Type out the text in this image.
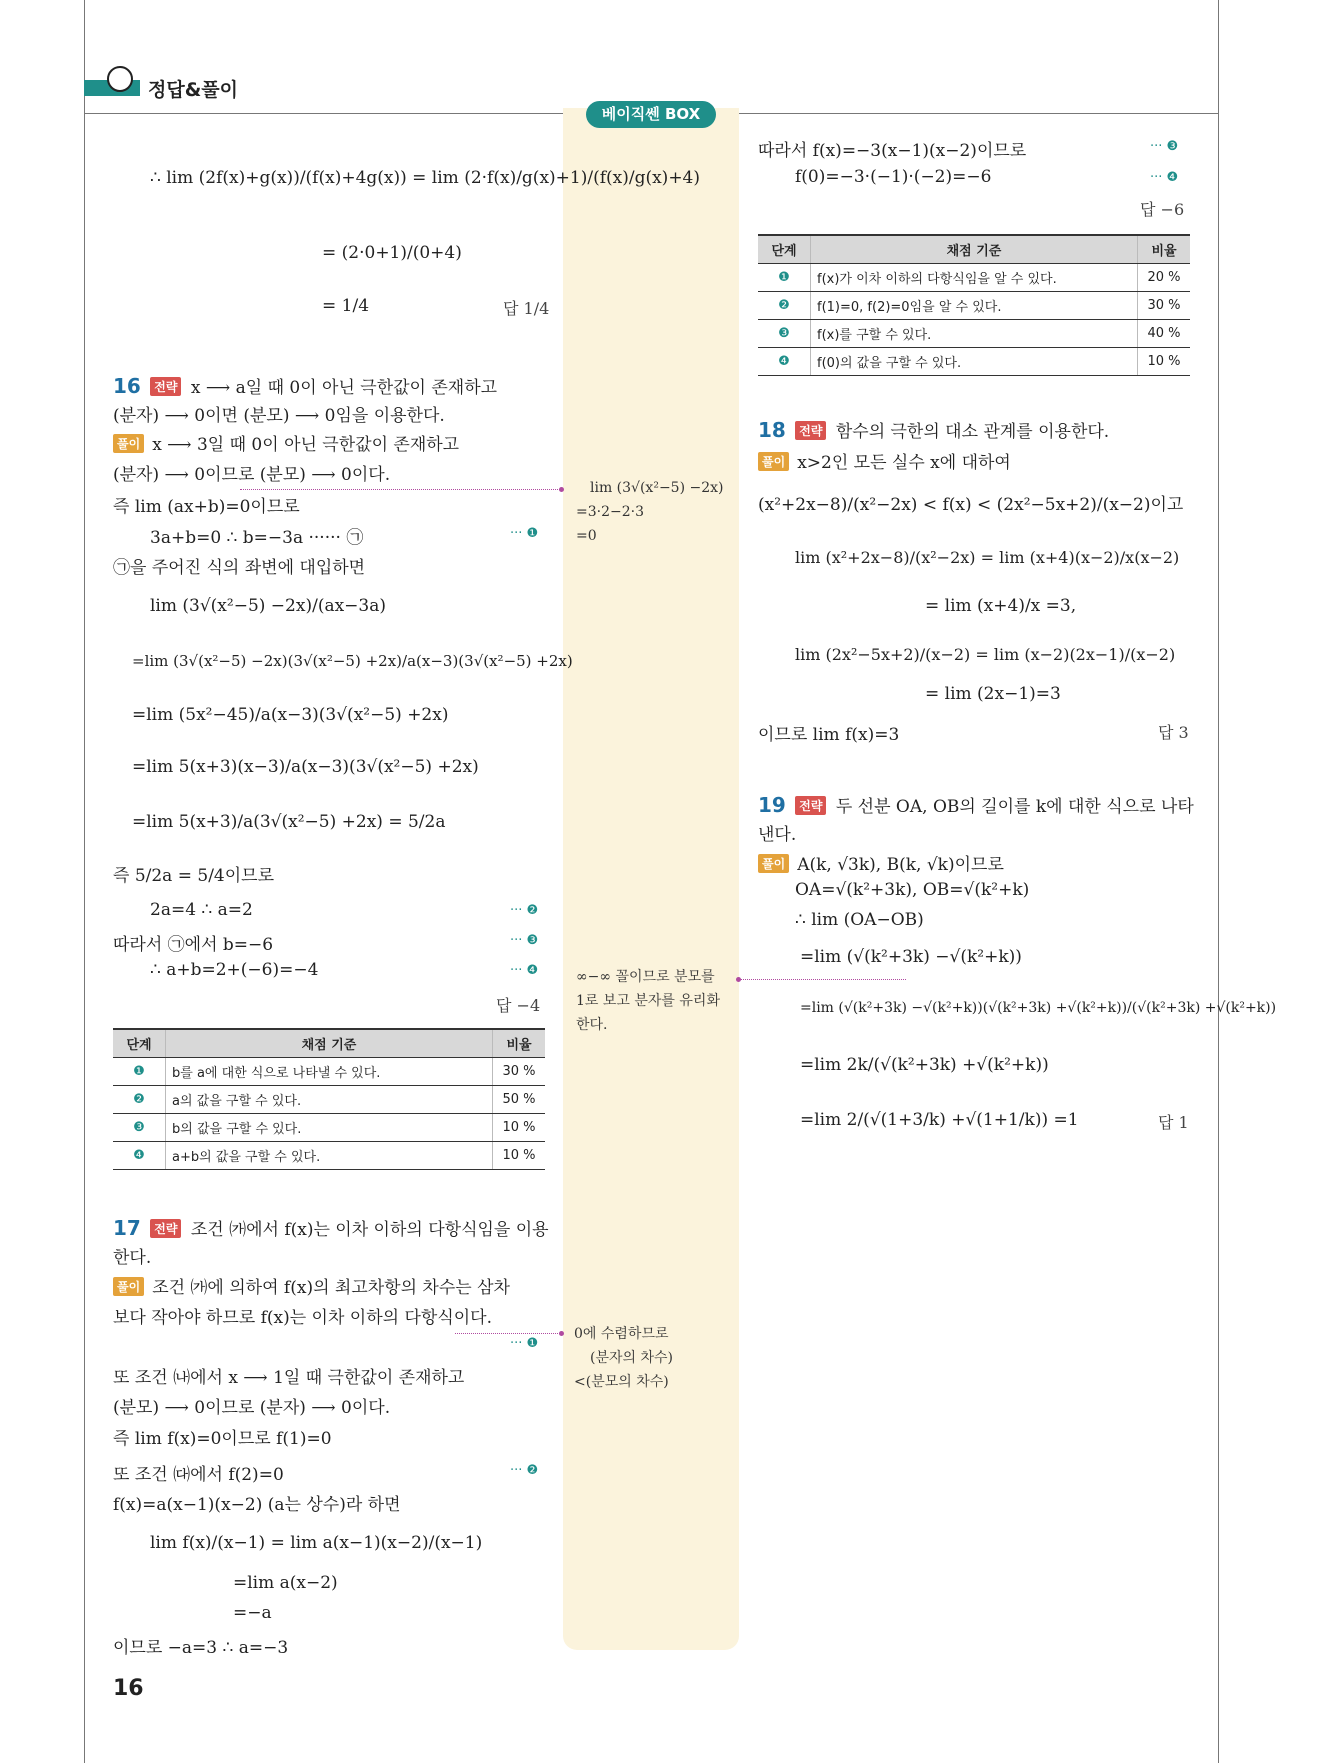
정답&풀이
베이직쎈 BOX
∴ lim (2f(x)+g(x))/(f(x)+4g(x)) = lim (2·f(x)/g(x)+1)/(f(x)/g(x)+4)
= (2·0+1)/(0+4)
= 1/4	답 1/4
16 전략 x ⟶ a일 때 0이 아닌 극한값이 존재하고
(분자) ⟶ 0이면 (분모) ⟶ 0임을 이용한다.
풀이 x ⟶ 3일 때 0이 아닌 극한값이 존재하고
(분자) ⟶ 0이므로 (분모) ⟶ 0이다.
즉 lim (ax+b)=0이므로
3a+b=0 ∴ b=−3a ······ ㉠	··· ❶
㉠을 주어진 식의 좌변에 대입하면
lim (3√(x²−5) −2x)/(ax−3a)
=lim (3√(x²−5) −2x)(3√(x²−5) +2x)/a(x−3)(3√(x²−5) +2x)
=lim (5x²−45)/a(x−3)(3√(x²−5) +2x)
=lim 5(x+3)(x−3)/a(x−3)(3√(x²−5) +2x)
=lim 5(x+3)/a(3√(x²−5) +2x) = 5/2a
즉 5/2a = 5/4이므로
2a=4 ∴ a=2	··· ❷
따라서 ㉠에서 b=−6	··· ❸
∴ a+b=2+(−6)=−4	··· ❹
답 −4
단계	채점 기준	비율
❶	b를 a에 대한 식으로 나타낼 수 있다.	30 %
❷	a의 값을 구할 수 있다.	50 %
❸	b의 값을 구할 수 있다.	10 %
❹	a+b의 값을 구할 수 있다.	10 %
17 전략 조건 ㈎에서 f(x)는 이차 이하의 다항식임을 이용
한다.
풀이 조건 ㈎에 의하여 f(x)의 최고차항의 차수는 삼차
보다 작아야 하므로 f(x)는 이차 이하의 다항식이다.
··· ❶
또 조건 ㈏에서 x ⟶ 1일 때 극한값이 존재하고
(분모) ⟶ 0이므로 (분자) ⟶ 0이다.
즉 lim f(x)=0이므로 f(1)=0
또 조건 ㈐에서 f(2)=0	··· ❷
f(x)=a(x−1)(x−2) (a는 상수)라 하면
lim f(x)/(x−1) = lim a(x−1)(x−2)/(x−1)
=lim a(x−2)
=−a
이므로 −a=3 ∴ a=−3
lim (3√(x²−5) −2x)
=3·2−2·3
=0
∞−∞ 꼴이므로 분모를
1로 보고 분자를 유리화
한다.
0에 수렴하므로
(분자의 차수)
<(분모의 차수)
따라서 f(x)=−3(x−1)(x−2)이므로	··· ❸
f(0)=−3·(−1)·(−2)=−6	··· ❹
답 −6
단계	채점 기준	비율
❶	f(x)가 이차 이하의 다항식임을 알 수 있다.	20 %
❷	f(1)=0, f(2)=0임을 알 수 있다.	30 %
❸	f(x)를 구할 수 있다.	40 %
❹	f(0)의 값을 구할 수 있다.	10 %
18 전략 함수의 극한의 대소 관계를 이용한다.
풀이 x>2인 모든 실수 x에 대하여
(x²+2x−8)/(x²−2x) < f(x) < (2x²−5x+2)/(x−2)이고
lim (x²+2x−8)/(x²−2x) = lim (x+4)(x−2)/x(x−2)
= lim (x+4)/x =3,
lim (2x²−5x+2)/(x−2) = lim (x−2)(2x−1)/(x−2)
= lim (2x−1)=3
이므로 lim f(x)=3	답 3
19 전략 두 선분 OA, OB의 길이를 k에 대한 식으로 나타
낸다.
풀이 A(k, √3k), B(k, √k)이므로
OA=√(k²+3k), OB=√(k²+k)
∴ lim (OA−OB)
=lim (√(k²+3k) −√(k²+k))
=lim (√(k²+3k) −√(k²+k))(√(k²+3k) +√(k²+k))/(√(k²+3k) +√(k²+k))
=lim 2k/(√(k²+3k) +√(k²+k))
=lim 2/(√(1+3/k) +√(1+1/k)) =1	답 1
16
